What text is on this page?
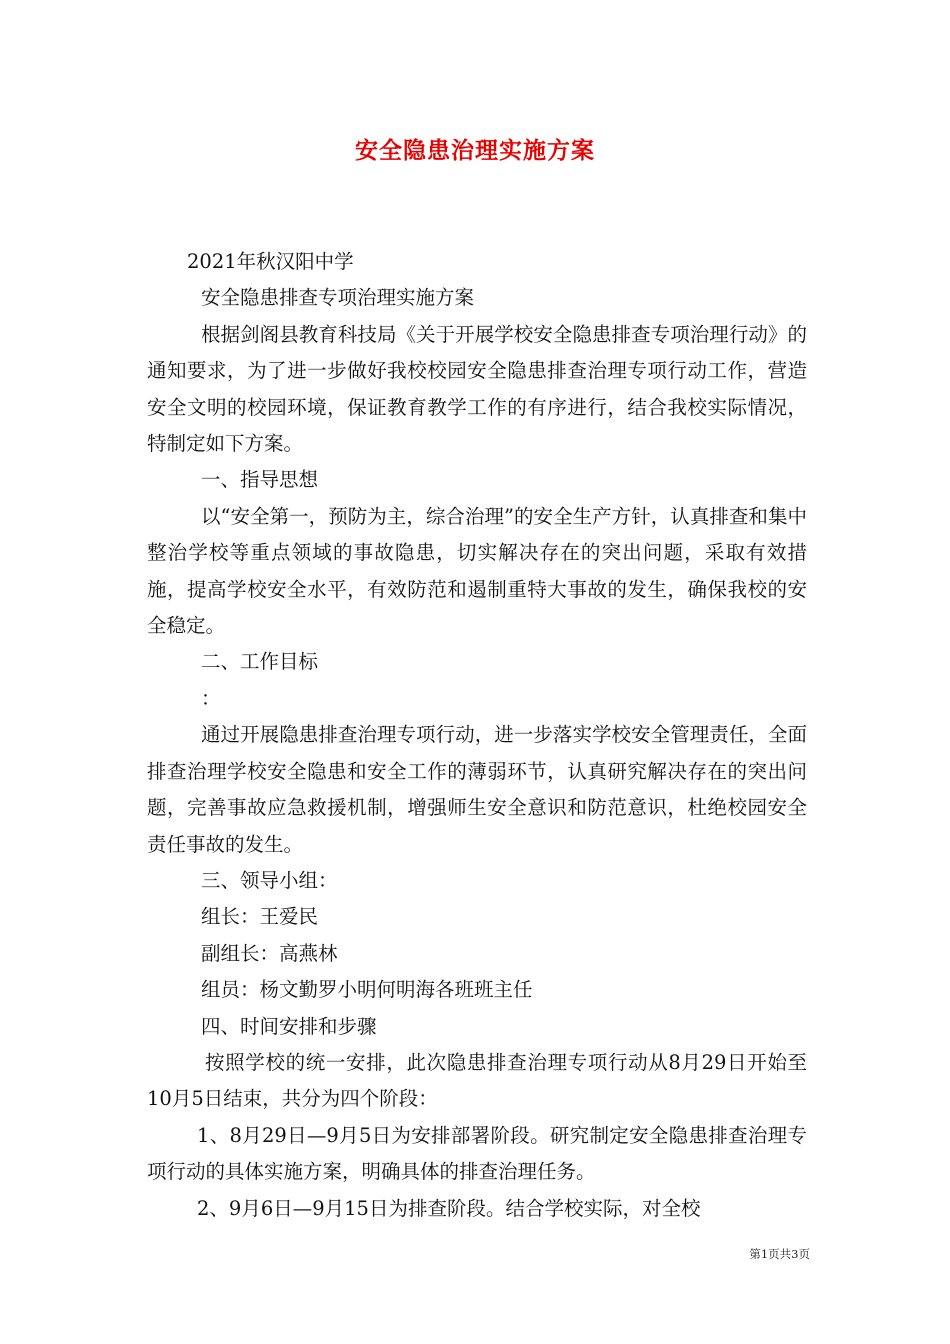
安全隐患治理实施方案

2021年秋汉阳中学

安全隐患排查专项治理实施方案

根据剑阁县教育科技局《关于开展学校安全隐患排查专项治理行动》的通知要求，为了进一步做好我校校园安全隐患排查治理专项行动工作，营造安全文明的校园环境，保证教育教学工作的有序进行，结合我校实际情况，特制定如下方案。

一、指导思想

以“安全第一，预防为主，综合治理”的安全生产方针，认真排查和集中整治学校等重点领域的事故隐患，切实解决存在的突出问题，采取有效措施，提高学校安全水平，有效防范和遏制重特大事故的发生，确保我校的安全稳定。

二、工作目标

：

通过开展隐患排查治理专项行动，进一步落实学校安全管理责任，全面排查治理学校安全隐患和安全工作的薄弱环节，认真研究解决存在的突出问题，完善事故应急救援机制，增强师生安全意识和防范意识，杜绝校园安全责任事故的发生。

三、领导小组：

组长：王爱民

副组长：高燕林

组员：杨文勤罗小明何明海各班班主任

四、时间安排和步骤

按照学校的统一安排，此次隐患排查治理专项行动从8月29日开始至10月5日结束，共分为四个阶段：

1、8月29日—9月5日为安排部署阶段。研究制定安全隐患排查治理专项行动的具体实施方案，明确具体的排查治理任务。

2、9月6日—9月15日为排查阶段。结合学校实际，对全校

第1页共3页
